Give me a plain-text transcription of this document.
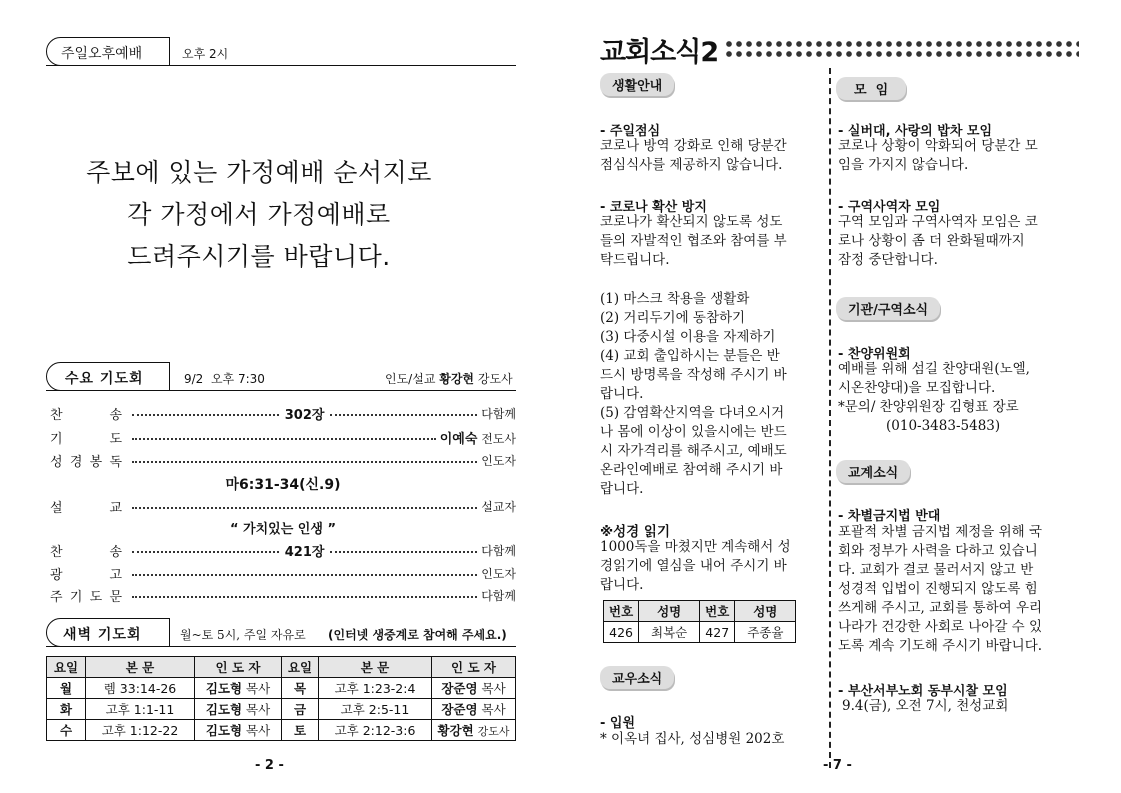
주일오후예배	오후 2시
주보에 있는 가정예배 순서지로
각 가정에서 가정예배로
드려주시기를 바랍니다.
수요 기도회	9/2  오후 7:30	인도/설교 황강현 강도사
찬	송	302장	다함께
기	도	이예숙 전도사
성 경 봉 독	인도자
마6:31-34(신.9)
설	교	설교자
“ 가치있는 인생 ”
찬	송	421장	다함께
광	고	인도자
주 기 도 문	다함께
새벽 기도회	월~토 5시, 주일 자유로 (인터넷 생중계로 참여해 주세요.)
요일	본 문	인 도 자	요일	본 문	인 도 자
월	렘 33:14-26	김도형 목사	목	고후 1:23-2:4	장준영 목사
화	고후 1:1-11	김도형 목사	금	고후 2:5-11	장준영 목사
수	고후 1:12-22	김도형 목사	토	고후 2:12-3:6	황강현 강도사
- 2 -
교회소식2
생활안내
- 주일점심
코로나 방역 강화로 인해 당분간
점심식사를 제공하지 않습니다.
- 코로나 확산 방지
코로나가 확산되지 않도록 성도
들의 자발적인 협조와 참여를 부
탁드립니다.
(1) 마스크 착용을 생활화
(2) 거리두기에 동참하기
(3) 다중시설 이용을 자제하기
(4) 교회 출입하시는 분들은 반
드시 방명록을 작성해 주시기 바
랍니다.
(5) 감염확산지역을 다녀오시거
나 몸에 이상이 있을시에는 반드
시 자가격리를 해주시고, 예배도
온라인예배로 참여해 주시기 바
랍니다.
※성경 읽기
1000독을 마쳤지만 계속해서 성
경읽기에 열심을 내어 주시기 바
랍니다.
번호	성명	번호	성명
426	최복순	427	주종율
교우소식
- 입원
* 이옥녀 집사, 성심병원 202호
모  임
- 실버대, 사랑의 밥차 모임
코로나 상황이 악화되어 당분간 모
임을 가지지 않습니다.
- 구역사역자 모임
구역 모임과 구역사역자 모임은 코
로나 상황이 좀 더 완화될때까지
잠정 중단합니다.
기관/구역소식
- 찬양위원회
예배를 위해 섬길 찬양대원(노엘,
시온찬양대)을 모집합니다.
*문의/ 찬양위원장 김형표 장로
(010-3483-5483)
교계소식
- 차별금지법 반대
포괄적 차별 금지법 제정을 위해 국
회와 정부가 사력을 다하고 있습니
다. 교회가 결코 물러서지 않고 반
성경적 입법이 진행되지 않도록 힘
쓰게해 주시고, 교회를 통하여 우리
나라가 건강한 사회로 나아갈 수 있
도록 계속 기도해 주시기 바랍니다.
- 부산서부노회 동부시찰 모임
9.4(금), 오전 7시, 천성교회
- 7 -
